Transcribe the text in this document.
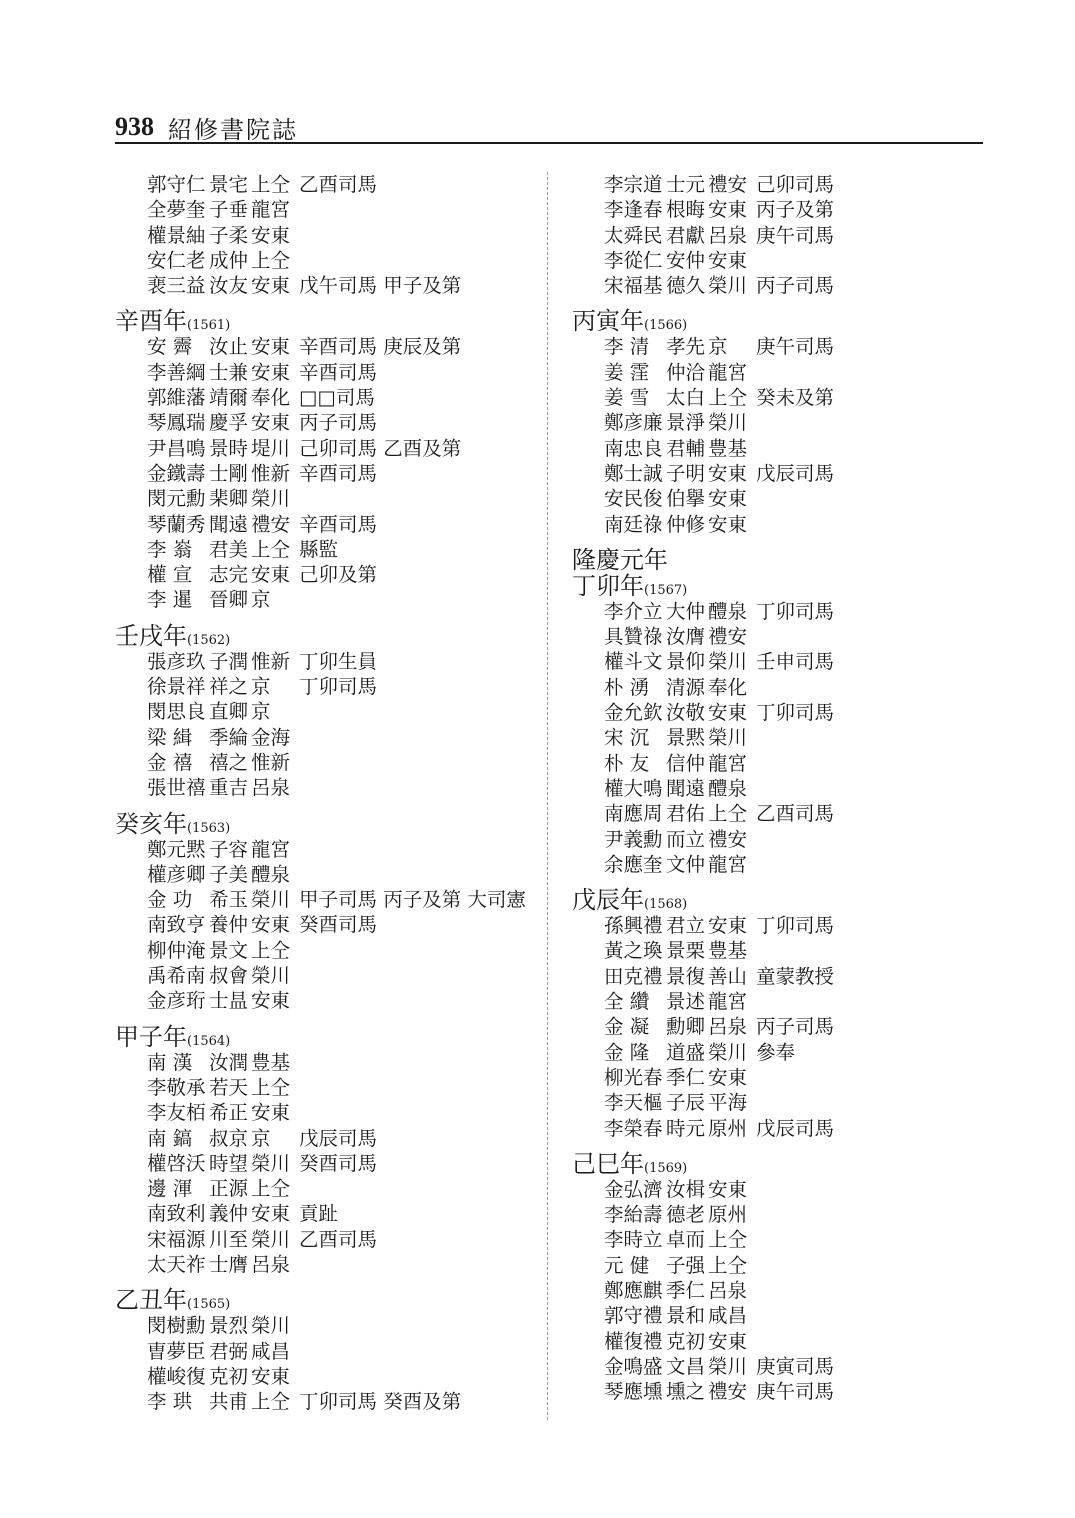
938 紹修書院誌
郭守仁 景宅 上仝 乙酉司馬
全夢奎 子垂 龍宮
權景紬 子柔 安東
安仁老 成仲 上仝
裵三益 汝友 安東 戊午司馬 甲子及第
辛酉年(1561)
安 霽 汝止 安東 辛酉司馬 庚辰及第
李善綱 士兼 安東 辛酉司馬
郭維藩 靖爾 奉化 □□司馬
琴鳳瑞 慶孚 安東 丙子司馬
尹昌鳴 景時 堤川 己卯司馬 乙酉及第
金鐵壽 士剛 惟新 辛酉司馬
閔元勳 棐卿 榮川
琴蘭秀 聞遠 禮安 辛酉司馬
李 嵡 君美 上仝 縣監
權 宣 志完 安東 己卯及第
李 暹 晉卿 京
壬戌年(1562)
張彦玖 子潤 惟新 丁卯生員
徐景祥 祥之 京 丁卯司馬
閔思良 直卿 京
梁 緝 季綸 金海
金 禧 禧之 惟新
張世禧 重吉 呂泉
癸亥年(1563)
鄭元黙 子容 龍宮
權彦卿 子美 醴泉
金 功 希玉 榮川 甲子司馬 丙子及第 大司憲
南致亨 養仲 安東 癸酉司馬
柳仲淹 景文 上仝
禹希南 叔會 榮川
金彦珩 士昷 安東
甲子年(1564)
南 漢 汝潤 豊基
李敬承 若天 上仝
李友栢 希正 安東
南 鎬 叔京 京 戊辰司馬
權啓沃 時望 榮川 癸酉司馬
邊 渾 正源 上仝
南致利 義仲 安東 貢趾
宋福源 川至 榮川 乙酉司馬
太天祚 士膺 呂泉
乙丑年(1565)
閔樹勳 景烈 榮川
曺夢臣 君弼 咸昌
權峻復 克初 安東
李 珙 共甫 上仝 丁卯司馬 癸酉及第
李宗道 士元 禮安 己卯司馬
李逢春 根晦 安東 丙子及第
太舜民 君獻 呂泉 庚午司馬
李從仁 安仲 安東
宋福基 德久 榮川 丙子司馬
丙寅年(1566)
李 清 孝先 京 庚午司馬
姜 霔 仲洽 龍宮
姜 雪 太白 上仝 癸未及第
鄭彦廉 景淨 榮川
南忠良 君輔 豊基
鄭士誠 子明 安東 戊辰司馬
安民俊 伯擧 安東
南廷祿 仲修 安東
隆慶元年
丁卯年(1567)
李介立 大仲 醴泉 丁卯司馬
具贊祿 汝膺 禮安
權斗文 景仰 榮川 壬申司馬
朴 湧 清源 奉化
金允欽 汝敬 安東 丁卯司馬
宋 沉 景黙 榮川
朴 友 信仲 龍宮
權大鳴 聞遠 醴泉
南應周 君佑 上仝 乙酉司馬
尹義勳 而立 禮安
余應奎 文仲 龍宮
戊辰年(1568)
孫興禮 君立 安東 丁卯司馬
黃之瑍 景栗 豊基
田克禮 景復 善山 童蒙教授
全 纘 景述 龍宮
金 凝 勳卿 呂泉 丙子司馬
金 隆 道盛 榮川 參奉
柳光春 季仁 安東
李天樞 子辰 平海
李榮春 時元 原州 戊辰司馬
己巳年(1569)
金弘濟 汝楫 安東
李紿壽 德老 原州
李時立 卓而 上仝
元 健 子强 上仝
鄭應麒 季仁 呂泉
郭守禮 景和 咸昌
權復禮 克初 安東
金鳴盛 文昌 榮川 庚寅司馬
琴應壎 壎之 禮安 庚午司馬
